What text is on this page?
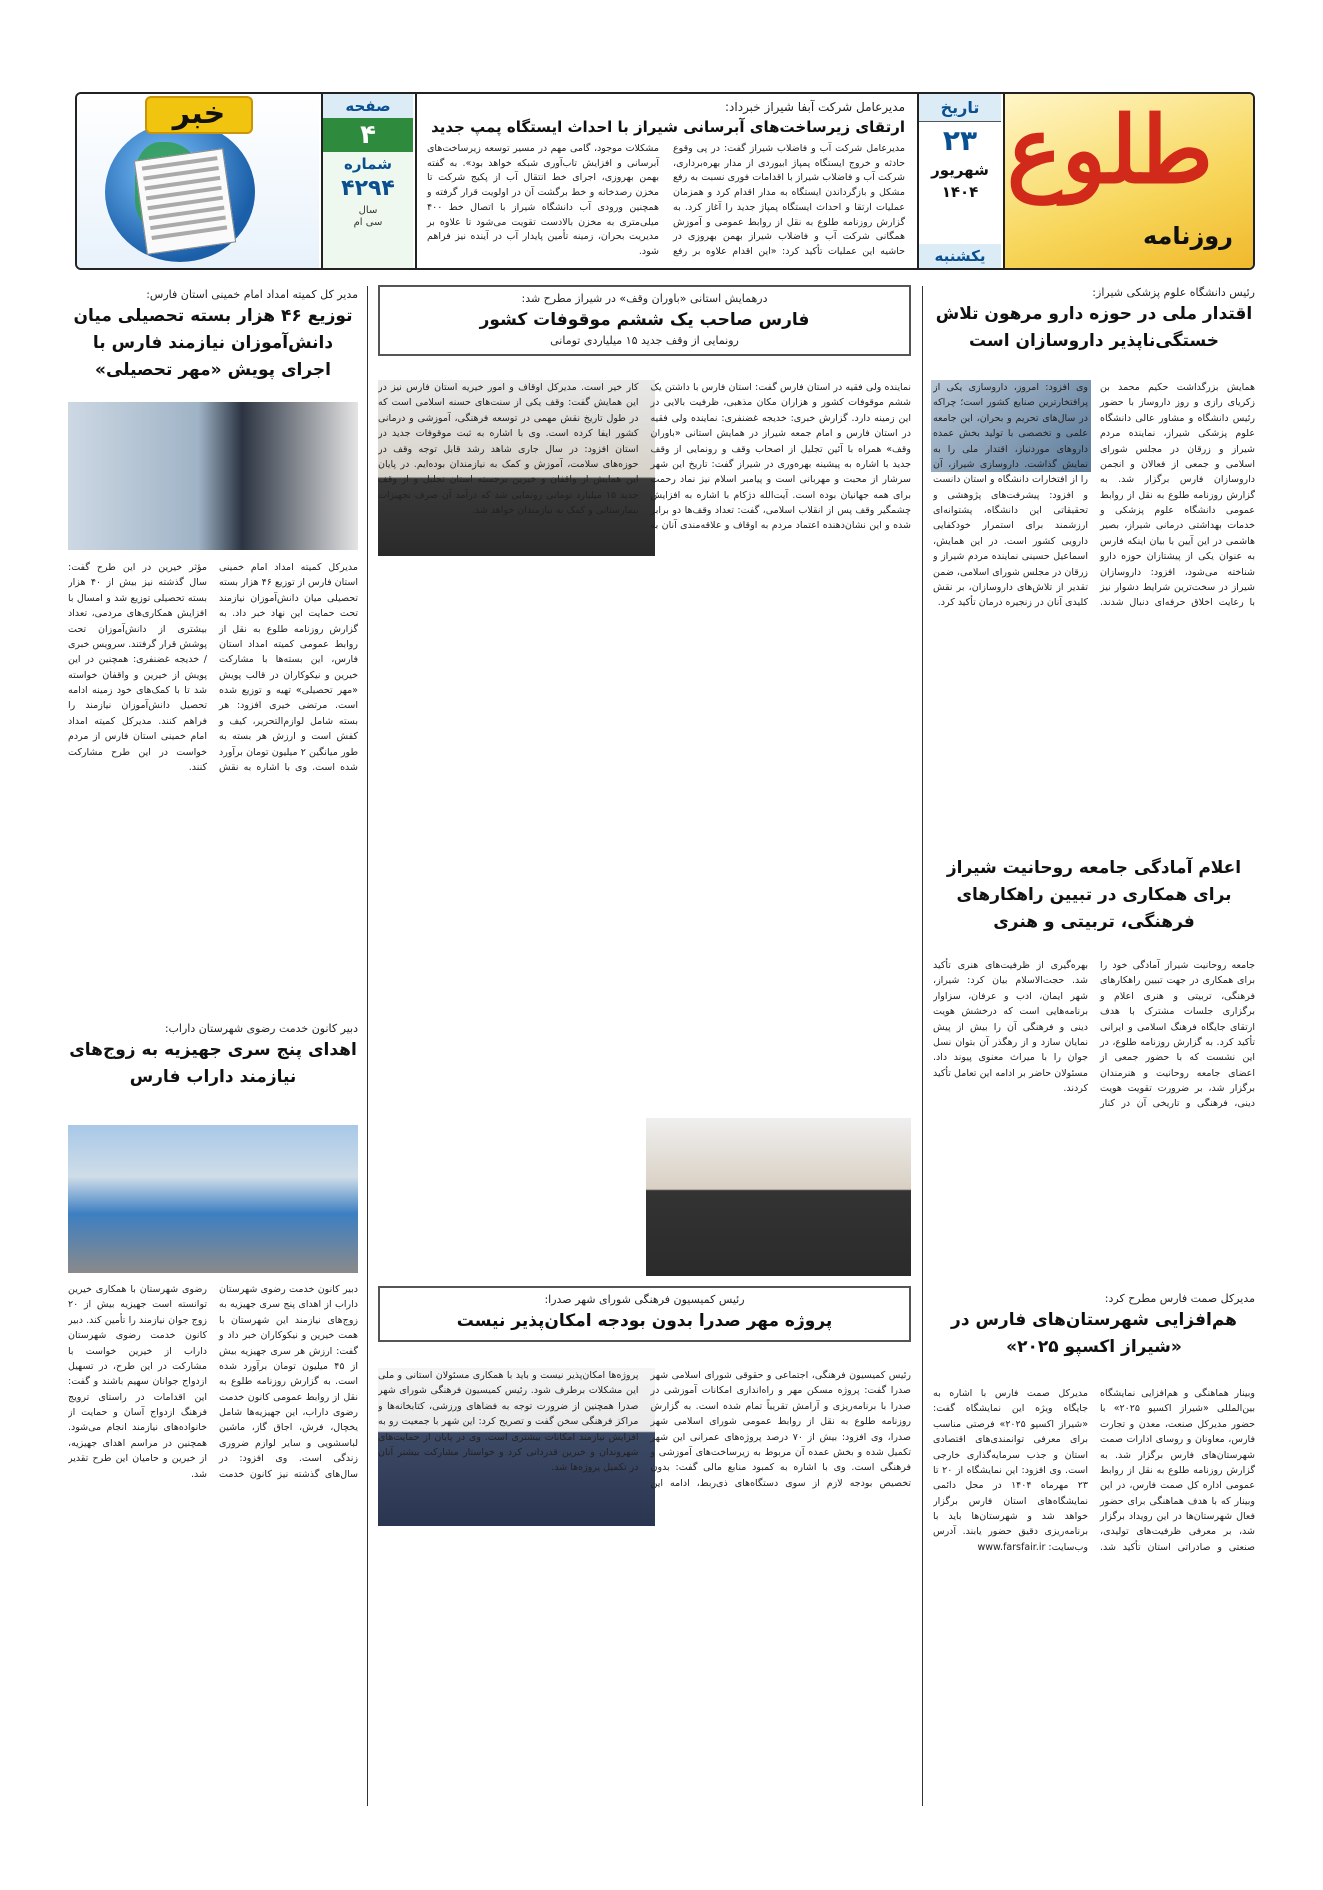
طلوع
روزنامه
تاریخ
۲۳
شهریور
۱۴۰۴
یکشنبه
مدیرعامل شرکت آبفا شیراز خبرداد:
ارتقای زیرساخت‌های آبرسانی شیراز با احداث ایستگاه پمپ جدید
مدیرعامل شرکت آب و فاضلاب شیراز گفت: در پی وقوع حادثه و خروج ایستگاه پمپاژ ابیوردی از مدار بهره‌برداری، شرکت آب و فاضلاب شیراز با اقدامات فوری نسبت به رفع مشکل و بازگرداندن ایستگاه به مدار اقدام کرد و همزمان عملیات ارتقا و احداث ایستگاه پمپاژ جدید را آغاز کرد. به گزارش روزنامه طلوع به نقل از روابط عمومی و آموزش همگانی شرکت آب و فاضلاب شیراز بهمن بهروزی در حاشیه این عملیات تأکید کرد: «این اقدام علاوه بر رفع مشکلات موجود، گامی مهم در مسیر توسعه زیرساخت‌های آبرسانی و افزایش تاب‌آوری شبکه خواهد بود». به گفته بهمن بهروزی، اجرای خط انتقال آب از پکیج شرکت تا مخزن رصدخانه و خط برگشت آن در اولویت قرار گرفته و همچنین ورودی آب دانشگاه شیراز با اتصال خط ۴۰۰ میلی‌متری به مخزن بالادست تقویت می‌شود تا علاوه بر مدیریت بحران، زمینه تأمین پایدار آب در آینده نیز فراهم شود.
صفحه
۴
شماره
۴۲۹۴
سال
سی ام
خبر
رئیس دانشگاه علوم پزشکی شیراز:
اقتدار ملی در حوزه دارو مرهون تلاش خستگی‌ناپذیر داروسازان است
همایش بزرگداشت حکیم محمد بن زکریای رازی و روز داروساز با حضور رئیس دانشگاه و مشاور عالی دانشگاه علوم پزشکی شیراز، نماینده مردم شیراز و زرقان در مجلس شورای اسلامی و جمعی از فعالان و انجمن داروسازان فارس برگزار شد. به گزارش روزنامه طلوع به نقل از روابط عمومی دانشگاه علوم پزشکی و خدمات بهداشتی درمانی شیراز، بصیر هاشمی در این آیین با بیان اینکه فارس به عنوان یکی از پیشتازان حوزه دارو شناخته می‌شود، افزود: داروسازان شیراز در سخت‌ترین شرایط دشوار نیز با رعایت اخلاق حرفه‌ای دنبال شدند. وی افزود: امروز، داروسازی یکی از پرافتخارترین صنایع کشور است؛ چراکه در سال‌های تحریم و بحران، این جامعه علمی و تخصصی با تولید بخش عمده داروهای موردنیاز، اقتدار ملی را به نمایش گذاشت. داروسازی شیراز، آن را از افتخارات دانشگاه و استان دانست و افزود: پیشرفت‌های پژوهشی و تحقیقاتی این دانشگاه، پشتوانه‌ای ارزشمند برای استمرار خودکفایی دارویی کشور است. در این همایش، اسماعیل حسینی نماینده مردم شیراز و زرقان در مجلس شورای اسلامی، ضمن تقدیر از تلاش‌های داروسازان، بر نقش کلیدی آنان در زنجیره درمان تأکید کرد.
اعلام آمادگی جامعه روحانیت شیراز برای همکاری در تبیین راهکارهای فرهنگی، تربیتی و هنری
جامعه روحانیت شیراز آمادگی خود را برای همکاری در جهت تبیین راهکارهای فرهنگی، تربیتی و هنری اعلام و برگزاری جلسات مشترک با هدف ارتقای جایگاه فرهنگ اسلامی و ایرانی تأکید کرد. به گزارش روزنامه طلوع، در این نشست که با حضور جمعی از اعضای جامعه روحانیت و هنرمندان برگزار شد، بر ضرورت تقویت هویت دینی، فرهنگی و تاریخی آن در کنار بهره‌گیری از ظرفیت‌های هنری تأکید شد. حجت‌الاسلام بیان کرد: شیراز، شهر ایمان، ادب و عرفان، سزاوار برنامه‌هایی است که درخشش هویت دینی و فرهنگی آن را بیش از پیش نمایان سازد و از رهگذر آن بتوان نسل جوان را با میراث معنوی پیوند داد. مسئولان حاضر بر ادامه این تعامل تأکید کردند.
مدیرکل صمت فارس مطرح کرد:
هم‌افزایی شهرستان‌های فارس در «شیراز اکسپو ۲۰۲۵»
وبینار هماهنگی و هم‌افزایی نمایشگاه بین‌المللی «شیراز اکسپو ۲۰۲۵» با حضور مدیرکل صنعت، معدن و تجارت فارس، معاونان و روسای ادارات صمت شهرستان‌های فارس برگزار شد. به گزارش روزنامه طلوع به نقل از روابط عمومی اداره کل صمت فارس، در این وبینار که با هدف هماهنگی برای حضور فعال شهرستان‌ها در این رویداد برگزار شد، بر معرفی ظرفیت‌های تولیدی، صنعتی و صادراتی استان تأکید شد. مدیرکل صمت فارس با اشاره به جایگاه ویژه این نمایشگاه گفت: «شیراز اکسپو ۲۰۲۵» فرصتی مناسب برای معرفی توانمندی‌های اقتصادی استان و جذب سرمایه‌گذاری خارجی است. وی افزود: این نمایشگاه از ۲۰ تا ۲۳ مهرماه ۱۴۰۴ در محل دائمی نمایشگاه‌های استان فارس برگزار خواهد شد و شهرستان‌ها باید با برنامه‌ریزی دقیق حضور یابند. آدرس وب‌سایت: www.farsfair.ir
درهمایش استانی «باوران وقف» در شیراز مطرح شد:
فارس صاحب یک ششم موقوفات کشور
رونمایی از وقف جدید ۱۵ میلیاردی تومانی
نماینده ولی فقیه در استان فارس گفت: استان فارس با داشتن یک ششم موقوفات کشور و هزاران مکان مذهبی، ظرفیت بالایی در این زمینه دارد. گزارش خبری: خدیجه غضنفری: نماینده ولی فقیه در استان فارس و امام جمعه شیراز در همایش استانی «باوران وقف» همراه با آئین تجلیل از اصحاب وقف و رونمایی از وقف جدید با اشاره به پیشینه بهره‌وری در شیراز گفت: تاریخ این شهر سرشار از محبت و مهربانی است و پیامبر اسلام نیز نماد رحمت برای همه جهانیان بوده است. آیت‌الله دژکام با اشاره به افزایش چشمگیر وقف پس از انقلاب اسلامی، گفت: تعداد وقف‌ها دو برابر شده و این نشان‌دهنده اعتماد مردم به اوقاف و علاقه‌مندی آنان به کار خیر است. مدیرکل اوقاف و امور خیریه استان فارس نیز در این همایش گفت: وقف یکی از سنت‌های حسنه اسلامی است که در طول تاریخ نقش مهمی در توسعه فرهنگی، آموزشی و درمانی کشور ایفا کرده است. وی با اشاره به ثبت موقوفات جدید در استان افزود: در سال جاری شاهد رشد قابل توجه وقف در حوزه‌های سلامت، آموزش و کمک به نیازمندان بوده‌ایم. در پایان این همایش از واقفان و خیرین برجسته استان تجلیل و از وقف جدید ۱۵ میلیارد تومانی رونمایی شد که درآمد آن صرف تجهیزات بیمارستانی و کمک به نیازمندان خواهد شد.
رئیس کمیسیون فرهنگی شورای شهر صدرا:
پروژه مهر صدرا بدون بودجه امکان‌پذیر نیست
رئیس کمیسیون فرهنگی، اجتماعی و حقوقی شورای اسلامی شهر صدرا گفت: پروژه مسکن مهر و راه‌اندازی امکانات آموزشی در صدرا با برنامه‌ریزی و آرامش تقریباً تمام شده است. به گزارش روزنامه طلوع به نقل از روابط عمومی شورای اسلامی شهر صدرا، وی افزود: بیش از ۷۰ درصد پروژه‌های عمرانی این شهر تکمیل شده و بخش عمده آن مربوط به زیرساخت‌های آموزشی و فرهنگی است. وی با اشاره به کمبود منابع مالی گفت: بدون تخصیص بودجه لازم از سوی دستگاه‌های ذی‌ربط، ادامه این پروژه‌ها امکان‌پذیر نیست و باید با همکاری مسئولان استانی و ملی این مشکلات برطرف شود. رئیس کمیسیون فرهنگی شورای شهر صدرا همچنین از ضرورت توجه به فضاهای ورزشی، کتابخانه‌ها و مراکز فرهنگی سخن گفت و تصریح کرد: این شهر با جمعیت رو به افزایش نیازمند امکانات بیشتری است. وی در پایان از حمایت‌های شهروندان و خیرین قدردانی کرد و خواستار مشارکت بیشتر آنان در تکمیل پروژه‌ها شد.
مدیر کل کمیته امداد امام خمینی استان فارس:
توزیع ۴۶ هزار بسته تحصیلی میان دانش‌آموزان نیازمند فارس با اجرای پویش «مهر تحصیلی»
مدیرکل کمیته امداد امام خمینی استان فارس از توزیع ۴۶ هزار بسته تحصیلی میان دانش‌آموزان نیازمند تحت حمایت این نهاد خبر داد. به گزارش روزنامه طلوع به نقل از روابط عمومی کمیته امداد استان فارس، این بسته‌ها با مشارکت خیرین و نیکوکاران در قالب پویش «مهر تحصیلی» تهیه و توزیع شده است. مرتضی خیری افزود: هر بسته شامل لوازم‌التحریر، کیف و کفش است و ارزش هر بسته به طور میانگین ۲ میلیون تومان برآورد شده است. وی با اشاره به نقش مؤثر خیرین در این طرح گفت: سال گذشته نیز بیش از ۴۰ هزار بسته تحصیلی توزیع شد و امسال با افزایش همکاری‌های مردمی، تعداد بیشتری از دانش‌آموزان تحت پوشش قرار گرفتند. سرویس خبری / خدیجه غضنفری: همچنین در این پویش از خیرین و واقفان خواسته شد تا با کمک‌های خود زمینه ادامه تحصیل دانش‌آموزان نیازمند را فراهم کنند. مدیرکل کمیته امداد امام خمینی استان فارس از مردم خواست در این طرح مشارکت کنند.
دبیر کانون خدمت رضوی شهرستان داراب:
اهدای پنج سری جهیزیه به زوج‌های نیازمند داراب فارس
دبیر کانون خدمت رضوی شهرستان داراب از اهدای پنج سری جهیزیه به زوج‌های نیازمند این شهرستان با همت خیرین و نیکوکاران خبر داد و گفت: ارزش هر سری جهیزیه بیش از ۴۵ میلیون تومان برآورد شده است. به گزارش روزنامه طلوع به نقل از روابط عمومی کانون خدمت رضوی داراب، این جهیزیه‌ها شامل یخچال، فرش، اجاق گاز، ماشین لباسشویی و سایر لوازم ضروری زندگی است. وی افزود: در سال‌های گذشته نیز کانون خدمت رضوی شهرستان با همکاری خیرین توانسته است جهیزیه بیش از ۲۰ زوج جوان نیازمند را تأمین کند. دبیر کانون خدمت رضوی شهرستان داراب از خیرین خواست با مشارکت در این طرح، در تسهیل ازدواج جوانان سهیم باشند و گفت: این اقدامات در راستای ترویج فرهنگ ازدواج آسان و حمایت از خانواده‌های نیازمند انجام می‌شود. همچنین در مراسم اهدای جهیزیه، از خیرین و حامیان این طرح تقدیر شد.
